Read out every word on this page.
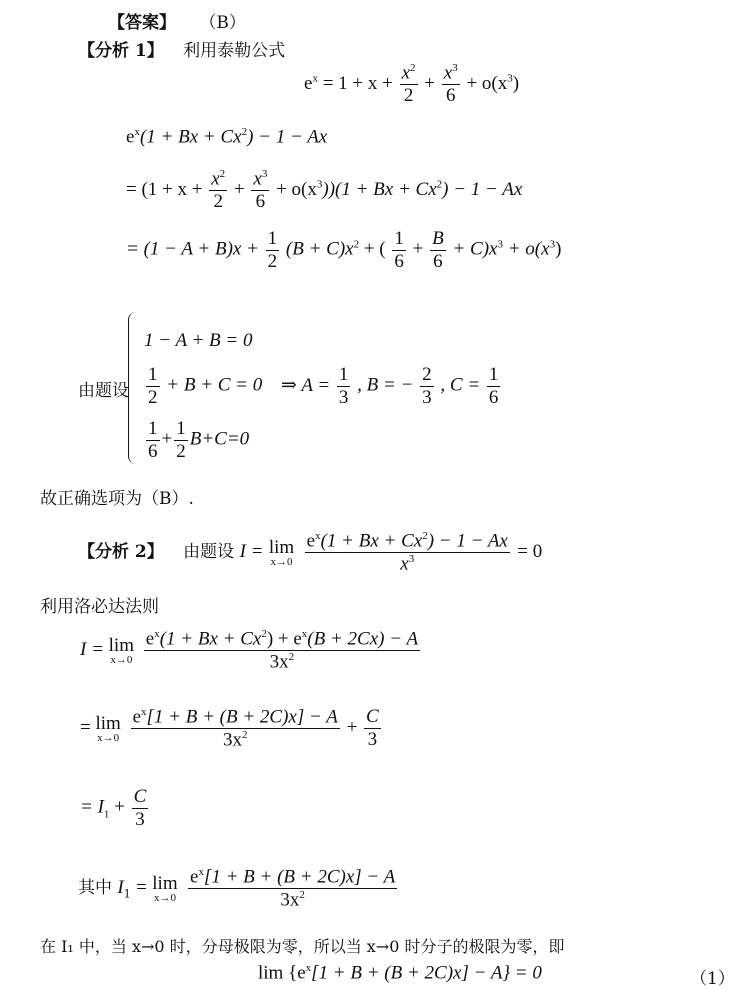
【答案】 （B）
【分析 1】 利用泰勒公式
$e^x = 1 + x + \frac{x^2}{2} + \frac{x^3}{6} + o(x^3)$
$e^x(1 + Bx + Cx^2) - 1 - Ax$
= $(1 + x + \frac{x^2}{2} + \frac{x^3}{6} + o(x^3))(1 + Bx + Cx^2) - 1 - Ax$
= $(1 - A + B)x + \frac{1}{2} (B + C)x^2$ + ( $\frac{1}{6} + \frac{B}{6} + C)x^3 + o(x^3)$
由题设
1 − A + B = 0
$\frac{1}{2} + B + C = 0$ ⇒ $A = \frac{1}{3}$ , B = − $\frac{2}{3}$ , $C = \frac{1}{6}$
$\frac{1}{6} + \frac{1}{2} B+C=0$
故正确选项为（B）.
【分析 2】 由题设 I = lim
x→0
$\frac{e^x(1 + Bx + Cx^2) - 1 - Ax}{x^3} = 0$
利用洛必达法则
I = lim
x→0
$\frac{e^x(1 + Bx + Cx^2) + e^x(B + 2Cx) - A}{3x^2}$
= lim
x→0
$\frac{e^x[1 + B + (B + 2C)x] - A}{3x^2} + \frac{C}{3}$
= $I_1 + \frac{C}{3}$
其中 $I_1 = \lim$
x→0
$\frac{e^x[1 + B + (B + 2C)x] - A}{3x^2}$
在 I₁ 中，当 x→0 时，分母极限为零，所以当 x→0 时分子的极限为零，即
$\lim \{e^x[1 + B + (B + 2C)x] - A\} = 0$	（1）
